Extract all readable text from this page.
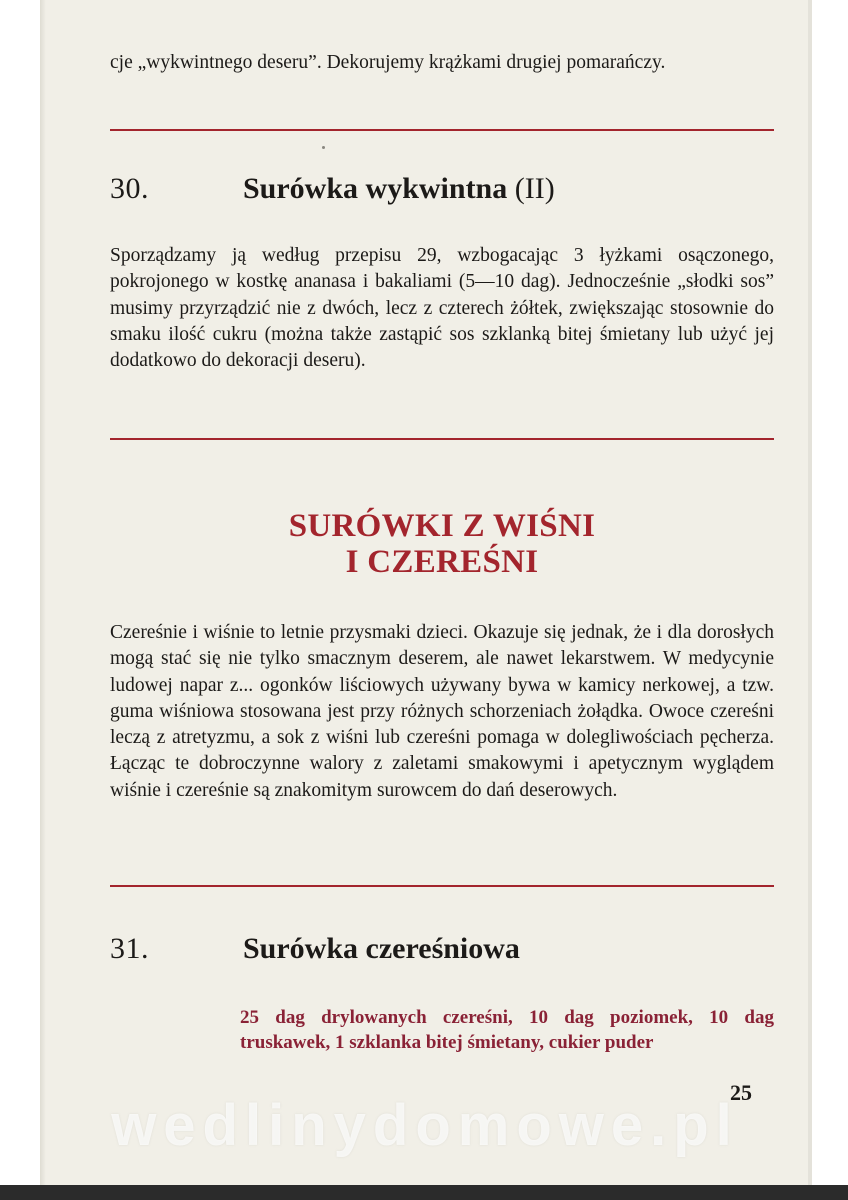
cje „wykwintnego deseru”. Dekorujemy krążkami drugiej pomarańczy.

30.	Surówka wykwintna (II)

Sporządzamy ją według przepisu 29, wzbogacając 3 łyżkami osączonego, pokrojonego w kostkę ananasa i bakaliami (5—10 dag). Jednocześnie „słodki sos” musimy przyrządzić nie z dwóch, lecz z czterech żółtek, zwiększając stosownie do smaku ilość cukru (można także zastąpić sos szklanką bitej śmietany lub użyć jej dodatkowo do dekoracji deseru).

SURÓWKI Z WIŚNI
I CZEREŚNI

Czereśnie i wiśnie to letnie przysmaki dzieci. Okazuje się jednak, że i dla dorosłych mogą stać się nie tylko smacznym deserem, ale nawet lekarstwem. W medycynie ludowej napar z... ogonków liściowych używany bywa w kamicy nerkowej, a tzw. guma wiśniowa stosowana jest przy różnych schorzeniach żołądka. Owoce czereśni leczą z atretyzmu, a sok z wiśni lub czereśni pomaga w dolegliwościach pęcherza. Łącząc te dobroczynne walory z zaletami smakowymi i apetycznym wyglądem wiśnie i czereśnie są znakomitym surowcem do dań deserowych.

31.	Surówka czereśniowa
25 dag drylowanych czereśni, 10 dag poziomek, 10 dag truskawek, 1 szklanka bitej śmietany, cukier puder
25
wedlinydomowe.pl
